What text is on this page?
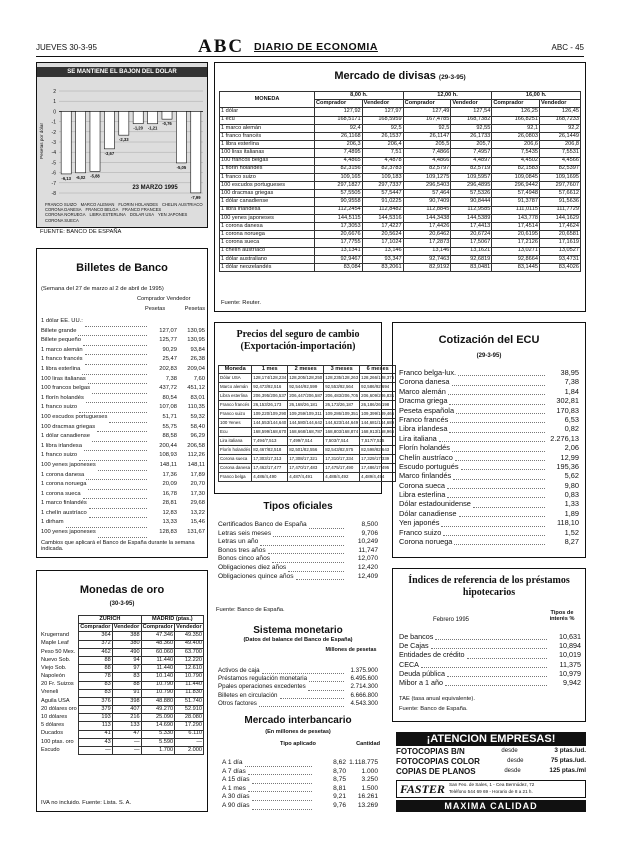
JUEVES 30-3-95	ABC DIARIO DE ECONOMIA	ABC - 45
SE MANTIENE EL BAJON DEL DOLAR
2
1
0
-1
-2
-3
-4
-5
-6
-7
-8
-6,13 -6,02 -5,88
-3,67
-2,33
-1,20 -1,21
-0,76
-5,05
-7,99
Pesetas por dólar
23 MARZO 1995
FRANCO SUIZO MARCO ALEMAN FLORIN HOLANDES CHELIN AUSTRIACO
CORONA DANESA FRANCO BELGA FRANCO FRANCES
CORONA NORUEGA LIBRA ESTERLINA DOLAR USA YEN JAPONES
CORONA SUECA
FUENTE: BANCO DE ESPAÑA
Mercado de divisas (29-3-95)
MONEDA	8,00 h.		12,00 h.		16,00 h.	
	Comprador	Vendedor	Comprador	Vendedor	Comprador	Vendedor
1 dólar	127,92	127,97	127,49	127,54	126,25	126,45
1 ecu	168,5171	168,5959	167,4785	168,7382	166,8251	168,7233
1 marco alemán	92,4	92,5	92,5	92,55	92,1	92,2
1 franco francés	26,1168	26,1537	26,1147	26,1733	26,0803	26,1449
1 libra esterlina	206,3	206,4	205,5	205,7	206,6	206,8
100 liras italianas	7,4895	7,51	7,4866	7,4957	7,5435	7,5531
100 francos belgas	4,4865	4,4878	4,4866	4,4897	4,4502	4,4566
1 florín holandés	82,3156	82,3783	82,5797	82,5719	82,1583	82,5397
1 franco suizo	109,165	109,183	109,1275	109,5957	109,0845	109,1695
100 escudos portugueses	297,1827	297,7337	296,5403	296,4895	296,9442	297,7607
100 dracmas griegas	57,5505	57,5447	57,464	57,5326	57,4948	57,6612
1 dólar canadiense	90,9558	91,0225	90,7409	90,8444	91,3787	91,5636
1 libra irlandesa	112,2454	112,8482	112,8845	112,9585	111,0115	111,7729
100 yenes japoneses	144,5115	144,5316	144,3438	144,5389	143,778	144,1629
1 corona danesa	17,3053	17,4227	17,4426	17,4413	17,4514	17,4624
1 corona noruega	20,6676	20,5624	20,6462	20,6724	20,6195	20,6581
1 corona sueca	17,7755	17,1024	17,2873	17,5067	17,2126	17,1619
1 chelín austríaco	13,1341	13,146	13,146	13,1621	13,0271	13,0527
1 dólar australiano	92,9467	93,347	92,7463	92,6819	92,8664	93,4731
1 dólar neozelandés	83,084	83,2061	82,9192	83,0481	83,1445	83,4026
Fuente: Reuter.
Billetes de Banco
(Semana del 27 de marzo al 2 de abril de 1995)
Comprador Vendedor
Pesetas	Pesetas
1 dólar EE. UU.:
Billete grande	127,07	130,95
Billete pequeño	125,77	130,95
1 marco alemán	90,29	93,84
1 franco francés	25,47	26,38
1 libra esterlina	202,83	209,04
100 liras italianas	7,38	7,60
100 francos belgas	437,72	451,12
1 florín holandés	80,54	83,01
1 franco suizo	107,08	110,35
100 escudos portugueses	51,71	59,32
100 dracmas griegas	55,75	58,40
1 dólar canadiense	88,58	96,29
1 libra irlandesa	200,44	206,58
1 franco suizo	108,93	112,26
100 yenes japoneses	148,11	148,11
1 corona danesa	17,36	17,89
1 corona noruega	20,09	20,70
1 corona sueca	16,78	17,30
1 marco finlandés	28,81	29,68
1 chelín austríaco	12,83	13,22
1 dirham	13,33	15,46
100 yenes japoneses	128,83	131,67
Cambios que aplicará el Banco de España durante la semana indicada.
Precios del seguro de cambio (Exportación-importación)
Moneda	1 mes	2 meses	3 meses	6 meses
Dólar USA	128,174/128,234	128,205/128,250	128,235/128,263	128,266/128,375
Marco alemán	92,473/92,516	92,544/92,599	92,553/92,564	92,586/92,694
Libra esterlina	206,395/206,537	206,447/206,587	206,483/206,705	206,609/206,831
Franco francés	26,153/26,173	26,168/26,181	26,173/26,187	26,186/26,198
Franco suizo	109,220/109,290	109,259/109,311	109,286/109,351	109,399/109,466
100 Yenes	144,553/144,640	144,580/144,642	144,623/144,649	144,681/144,689
Ecu	168,599/168,670	168,668/168,787	168,803/168,874	168,913/168,966
Lira italiana	7,494/7,513	7,499/7,514	7,503/7,514	7,517/7,525
Florín holandés	82,467/82,518	82,501/82,556	82,543/82,575	82,598/82,643
Corona sueca	17,303/17,313	17,308/17,321	17,310/17,334	17,329/17,339
Corona danesa	17,462/17,477	17,470/17,483	17,475/17,490	17,486/17,495
Franco belga	4,486/4,490	4,487/4,491	4,488/4,492	4,489/4,494
Tipos oficiales
Certificados Banco de España	8,500
Letras seis meses	9,706
Letras un año	10,249
Bonos tres años	11,747
Bonos cinco años	12,070
Obligaciones diez años	12,420
Obligaciones quince años	12,409
Fuente: Banco de España.
Sistema monetario
(Datos del balance del Banco de España)
Millones de pesetas
Activos de caja	1.375.900
Préstamos regulación monetaria	6.495.600
Ppales operaciones excedentes	2.714.300
Billetes en circulación	6.666.800
Otros factores	4.543.300
Mercado interbancario
(En millones de pesetas)
Tipo aplicado	Cantidad
A 1 día	8,62 1.118.775
A 7 días	8,70	1.000
A 15 días	8,75	3.250
A 1 mes	8,81	1.500
A 30 días	9,21	16.261
A 90 días	9,76	13.269
Monedas de oro
(30-3-95)
	ZURICH		MADRID (ptas.)	
	Comprador	Vendedor	Comprador	Vendedor
Krugerrand	364	388	47.346	49.350
Maple Leaf	372	380	48.360	49.400
Peso 50 Mex.	462	490	60.060	63.700
Nuevo Sob.	88	94	11.440	12.220
Viejo Sob.	88	97	11.440	12.610
Napoleón	78	83	10.140	10.790
20 Fr. Suizos	83	88	10.790	11.440
Vreneli	83	91	10.790	11.830
Aguila USA	376	398	48.880	51.740
20 dólares oro	379	407	49.270	52.910
10 dólares	193	216	25.090	28.080
5 dólares	113	133	14.690	17.290
Ducados	41	47	5.330	6.110
100 ptas. oro	43	—	5.590	—
Escudo	—	—	1.700	2.000
IVA no incluido. Fuente: Lista. S. A.
Cotización del ECU
(29-3-95)
Franco belga-lux.	38,95
Corona danesa	7,38
Marco alemán	1,84
Dracma griega	302,81
Peseta española	170,83
Franco francés	6,53
Libra irlandesa	0,82
Lira italiana	2.276,13
Florín holandés	2,06
Chelín austríaco	12,99
Escudo portugués	195,36
Marco finlandés	5,62
Corona sueca	9,80
Libra esterlina	0,83
Dólar estadounidense	1,33
Dólar canadiense	1,89
Yen japonés	118,10
Franco suizo	1,52
Corona noruega	8,27
Índices de referencia de los préstamos hipotecarios
Febrero 1995
Tipos de interés %
De bancos	10,631
De Cajas	10,894
Entidades de crédito	10,019
CECA	11,375
Deuda pública	10,979
Mibor a 1 año	9,942
TAE (tasa anual equivalente).
Fuente: Banco de España.
¡ATENCION EMPRESAS!
FOTOCOPIAS B/N	desde	3 ptas./ud.
FOTOCOPIAS COLOR	desde	75 ptas./ud.
COPIAS DE PLANOS	desde	125 ptas./ml
FASTER San Feo. de Sales, 1 - Cea Bermúdez, 72
Teléfono 544 69 69 - Horario de 8 a 21 h.
MAXIMA CALIDAD
